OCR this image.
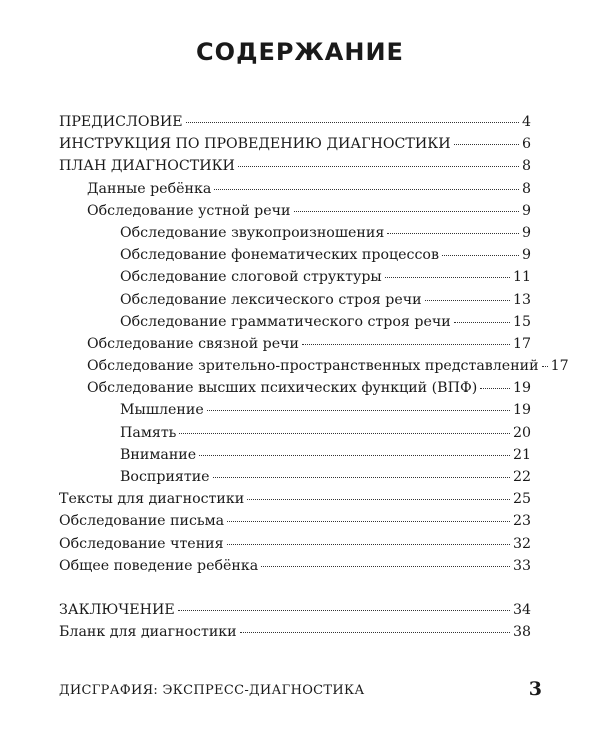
СОДЕРЖАНИЕ
ПРЕДИСЛОВИЕ	4
ИНСТРУКЦИЯ ПО ПРОВЕДЕНИЮ ДИАГНОСТИКИ	6
ПЛАН ДИАГНОСТИКИ	8
Данные ребёнка	8
Обследование устной речи	9
Обследование звукопроизношения	9
Обследование фонематических процессов	9
Обследование слоговой структуры	11
Обследование лексического строя речи	13
Обследование грамматического строя речи	15
Обследование связной речи	17
Обследование зрительно-пространственных представлений 17
Обследование высших психических функций (ВПФ)	19
Мышление	19
Память	20
Внимание	21
Восприятие	22
Тексты для диагностики	25
Обследование письма	23
Обследование чтения	32
Общее поведение ребёнка	33
ЗАКЛЮЧЕНИЕ	34
Бланк для диагностики	38
ДИСГРАФИЯ: ЭКСПРЕСС-ДИАГНОСТИКА	3
